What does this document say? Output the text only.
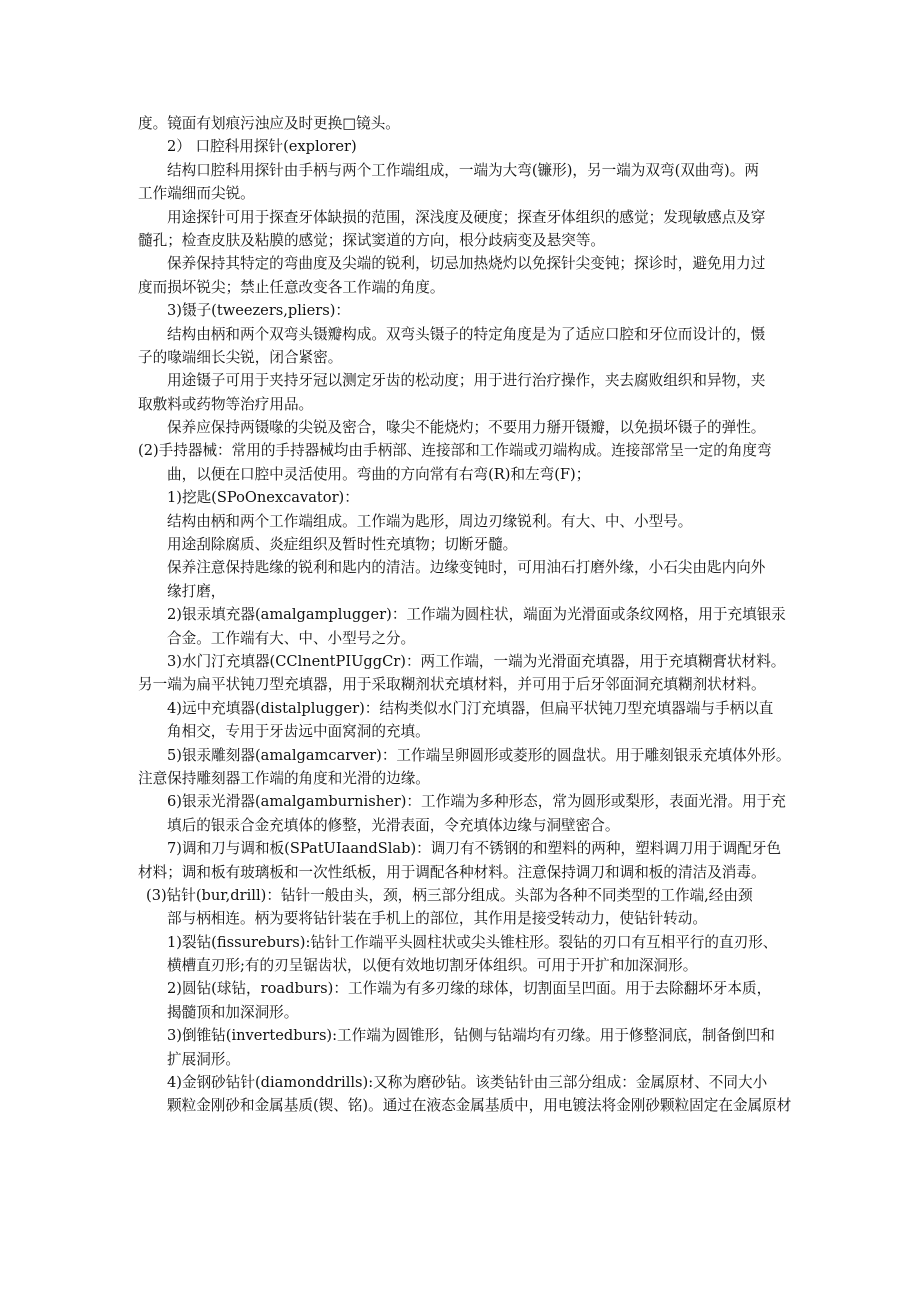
度。镜面有划痕污浊应及时更换□镜头。
2） 口腔科用探针(explorer)
结构口腔科用探针由手柄与两个工作端组成，一端为大弯(镰形)，另一端为双弯(双曲弯)。两
工作端细而尖锐。
用途探针可用于探查牙体缺损的范围，深浅度及硬度；探查牙体组织的感觉；发现敏感点及穿
髓孔；检查皮肤及粘膜的感觉；探试窦道的方向，根分歧病变及悬突等。
保养保持其特定的弯曲度及尖端的锐利，切忌加热烧灼以免探针尖变钝；探诊时，避免用力过
度而损坏锐尖；禁止任意改变各工作端的角度。
3)镊子(tweezers,pliers)：
结构由柄和两个双弯头镊瓣构成。双弯头镊子的特定角度是为了适应口腔和牙位而设计的，慑
子的喙端细长尖锐，闭合紧密。
用途镊子可用于夹持牙冠以测定牙齿的松动度；用于进行治疗操作，夹去腐败组织和异物，夹
取敷料或药物等治疗用品。
保养应保持两镊喙的尖锐及密合，喙尖不能烧灼；不要用力掰开镊瓣，以免损坏镊子的弹性。
(2)手持器械：常用的手持器械均由手柄部、连接部和工作端或刃端构成。连接部常呈一定的角度弯
曲，以便在口腔中灵活使用。弯曲的方向常有右弯(R)和左弯(F)；
1)挖匙(SPoOnexcavator)：
结构由柄和两个工作端组成。工作端为匙形，周边刃缘锐利。有大、中、小型号。
用途刮除腐质、炎症组织及暂时性充填物；切断牙髓。
保养注意保持匙缘的锐利和匙内的清洁。边缘变钝时，可用油石打磨外缘，小石尖由匙内向外
缘打磨，
2)银汞填充器(amalgamplugger)：工作端为圆柱状，端面为光滑面或条纹网格，用于充填银汞
合金。工作端有大、中、小型号之分。
3)水门汀充填器(CClnentPIUggCr)：两工作端，一端为光滑面充填器，用于充填糊膏状材料。
另一端为扁平状钝刀型充填器，用于采取糊剂状充填材料，并可用于后牙邻面洞充填糊剂状材料。
4)远中充填器(distalplugger)：结构类似水门汀充填器，但扁平状钝刀型充填器端与手柄以直
角相交，专用于牙齿远中面窝洞的充填。
5)银汞雕刻器(amalgamcarver)：工作端呈卵圆形或菱形的圆盘状。用于雕刻银汞充填体外形。
注意保持雕刻器工作端的角度和光滑的边缘。
6)银汞光滑器(amalgamburnisher)：工作端为多种形态，常为圆形或梨形，表面光滑。用于充
填后的银汞合金充填体的修整，光滑表面，令充填体边缘与洞壁密合。
7)调和刀与调和板(SPatUIaandSlab)：调刀有不锈钢的和塑料的两种，塑料调刀用于调配牙色
材料；调和板有玻璃板和一次性纸板，用于调配各种材料。注意保持调刀和调和板的清洁及消毒。
(3)钻针(bur,drill)：钻针一般由头，颈，柄三部分组成。头部为各种不同类型的工作端,经由颈
部与柄相连。柄为要将钻针装在手机上的部位，其作用是接受转动力，使钻针转动。
1)裂钻(fissureburs):钻针工作端平头圆柱状或尖头锥柱形。裂钻的刃口有互相平行的直刃形、
横槽直刃形;有的刃呈锯齿状，以便有效地切割牙体组织。可用于开扩和加深洞形。
2)圆钻(球钻，roadburs)：工作端为有多刃缘的球体，切割面呈凹面。用于去除翻坏牙本质，
揭髓顶和加深洞形。
3)倒锥钻(invertedburs):工作端为圆锥形，钻侧与钻端均有刃缘。用于修整洞底，制备倒凹和
扩展洞形。
4)金钢砂钻针(diamonddrills):又称为磨砂钻。该类钻针由三部分组成：金属原材、不同大小
颗粒金刚砂和金属基质(锲、铭)。通过在液态金属基质中，用电镀法将金刚砂颗粒固定在金属原材
